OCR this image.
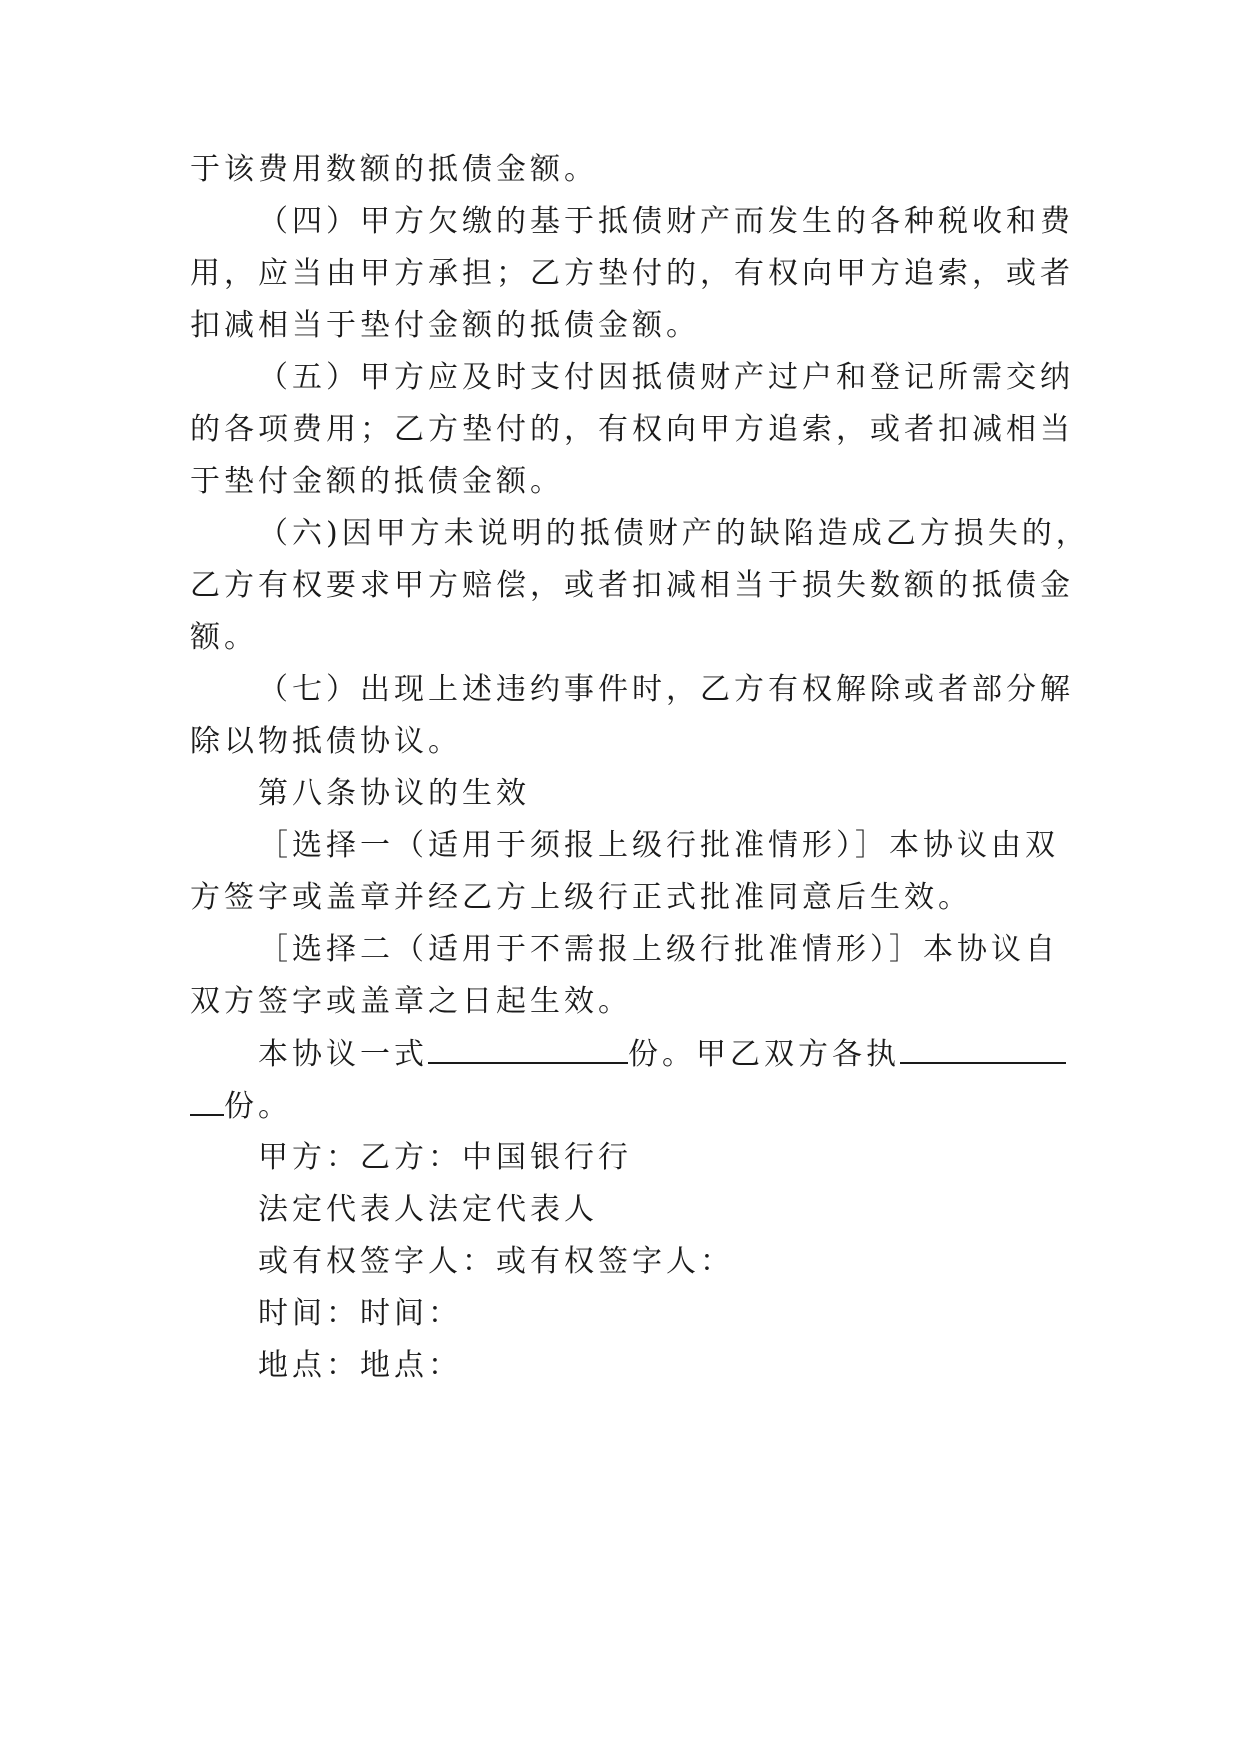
于该费用数额的抵债金额。
（四）甲方欠缴的基于抵债财产而发生的各种税收和费
用，应当由甲方承担；乙方垫付的，有权向甲方追索，或者
扣减相当于垫付金额的抵债金额。
（五）甲方应及时支付因抵债财产过户和登记所需交纳
的各项费用；乙方垫付的，有权向甲方追索，或者扣减相当
于垫付金额的抵债金额。
（六)因甲方未说明的抵债财产的缺陷造成乙方损失的，
乙方有权要求甲方赔偿，或者扣减相当于损失数额的抵债金
额。
（七）出现上述违约事件时，乙方有权解除或者部分解
除以物抵债协议。
第八条协议的生效
［选择一（适用于须报上级行批准情形）］本协议由双
方签字或盖章并经乙方上级行正式批准同意后生效。
［选择二（适用于不需报上级行批准情形）］本协议自
双方签字或盖章之日起生效。
本协议一式	份。甲乙双方各执
份。
甲方：乙方：中国银行行
法定代表人法定代表人
或有权签字人：或有权签字人：
时间：时间：
地点：地点：
